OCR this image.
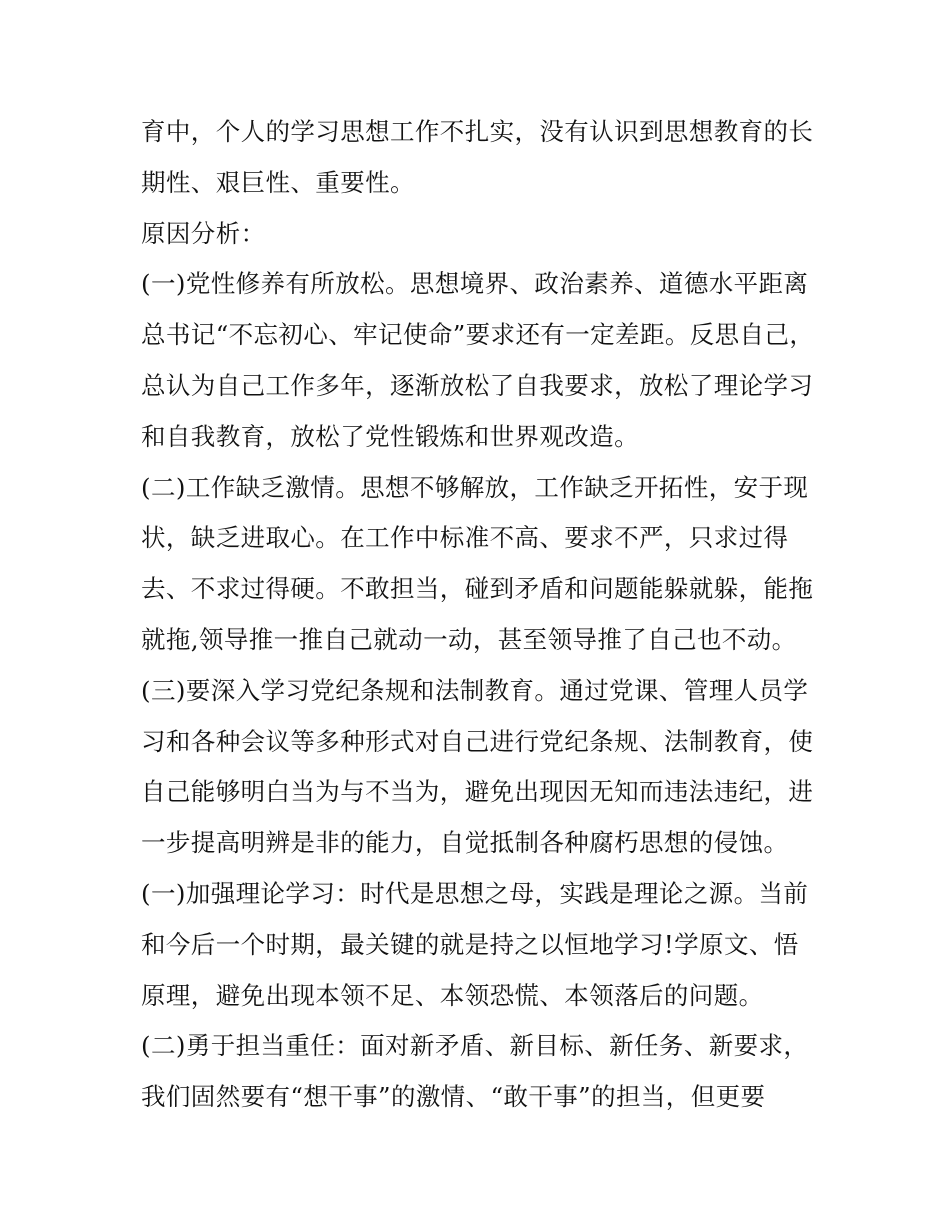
育中，个人的学习思想工作不扎实，没有认识到思想教育的长
期性、艰巨性、重要性。
原因分析：
(一)党性修养有所放松。思想境界、政治素养、道德水平距离
总书记“不忘初心、牢记使命”要求还有一定差距。反思自己，
总认为自己工作多年，逐渐放松了自我要求，放松了理论学习
和自我教育，放松了党性锻炼和世界观改造。
(二)工作缺乏激情。思想不够解放，工作缺乏开拓性，安于现
状，缺乏进取心。在工作中标准不高、要求不严，只求过得
去、不求过得硬。不敢担当，碰到矛盾和问题能躲就躲，能拖
就拖,领导推一推自己就动一动，甚至领导推了自己也不动。
(三)要深入学习党纪条规和法制教育。通过党课、管理人员学
习和各种会议等多种形式对自己进行党纪条规、法制教育，使
自己能够明白当为与不当为，避免出现因无知而违法违纪，进
一步提高明辨是非的能力，自觉抵制各种腐朽思想的侵蚀。
(一)加强理论学习：时代是思想之母，实践是理论之源。当前
和今后一个时期，最关键的就是持之以恒地学习!学原文、悟
原理，避免出现本领不足、本领恐慌、本领落后的问题。
(二)勇于担当重任：面对新矛盾、新目标、新任务、新要求，
我们固然要有“想干事”的激情、“敢干事”的担当，但更要
